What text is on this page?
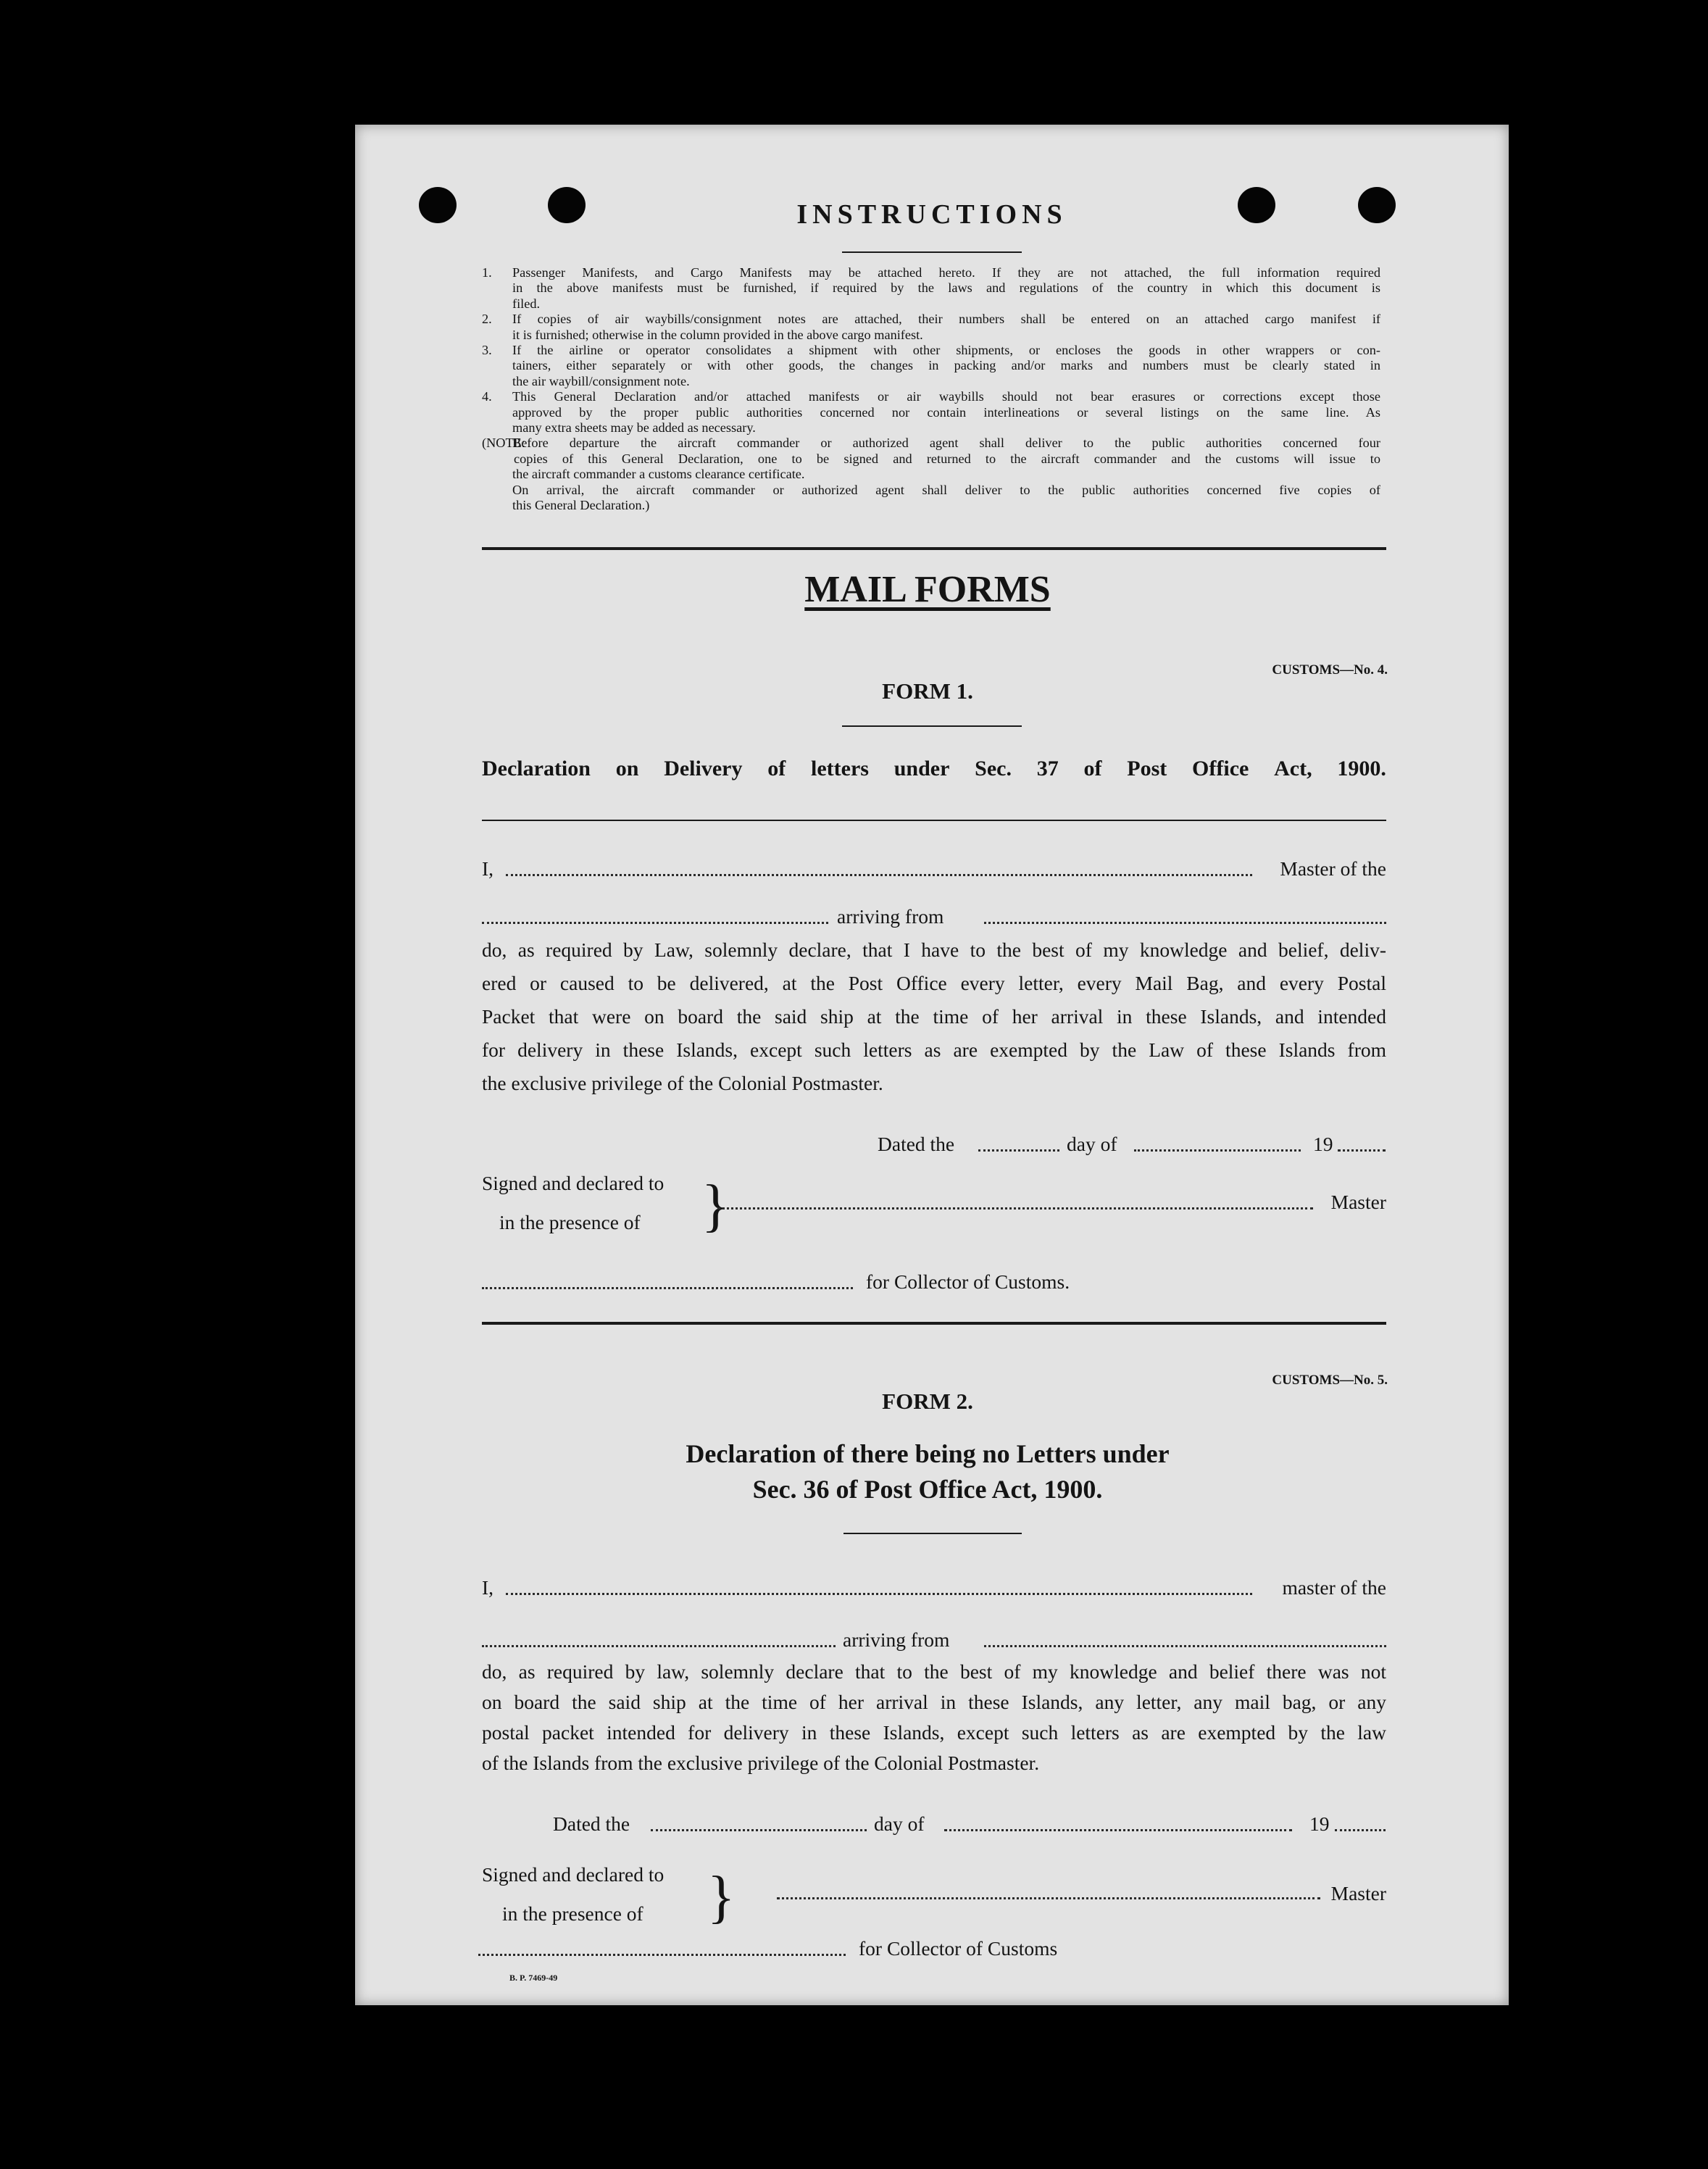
INSTRUCTIONS
1.	Passenger Manifests, and Cargo Manifests may be attached hereto. If they are not attached, the full information required
in the above manifests must be furnished, if required by the laws and regulations of the country in which this document is
filed.
2.	If copies of air waybills/consignment notes are attached, their numbers shall be entered on an attached cargo manifest if
it is furnished; otherwise in the column provided in the above cargo manifest.
3.	If the airline or operator consolidates a shipment with other shipments, or encloses the goods in other wrappers or con-
tainers, either separately or with other goods, the changes in packing and/or marks and numbers must be clearly stated in
the air waybill/consignment note.
4.	This General Declaration and/or attached manifests or air waybills should not bear erasures or corrections except those
approved by the proper public authorities concerned nor contain interlineations or several listings on the same line. As
many extra sheets may be added as necessary.
(NOTE:
Before departure the aircraft commander or authorized agent shall deliver to the public authorities concerned four
copies of this General Declaration, one to be signed and returned to the aircraft commander and the customs will issue to
the aircraft commander a customs clearance certificate.
On arrival, the aircraft commander or authorized agent shall deliver to the public authorities concerned five copies of
this General Declaration.)
MAIL FORMS
CUSTOMS—No. 4.
FORM 1.
Declaration on Delivery of letters under Sec. 37 of Post Office Act, 1900.
I,	Master of the
arriving from
do, as required by Law, solemnly declare, that I have to the best of my knowledge and belief, deliv-
ered or caused to be delivered, at the Post Office every letter, every Mail Bag, and every Postal
Packet that were on board the said ship at the time of her arrival in these Islands, and intended
for delivery in these Islands, except such letters as are exempted by the Law of these Islands from
the exclusive privilege of the Colonial Postmaster.
Dated the	day of	19
Signed and declared to
in the presence of }	Master
for Collector of Customs.
CUSTOMS—No. 5.
FORM 2.
Declaration of there being no Letters under
Sec. 36 of Post Office Act, 1900.
I,	master of the
arriving from
do, as required by law, solemnly declare that to the best of my knowledge and belief there was not
on board the said ship at the time of her arrival in these Islands, any letter, any mail bag, or any
postal packet intended for delivery in these Islands, except such letters as are exempted by the law
of the Islands from the exclusive privilege of the Colonial Postmaster.
Dated the	day of	19
Signed and declared to
in the presence of }	Master
for Collector of Customs
B. P. 7469-49
